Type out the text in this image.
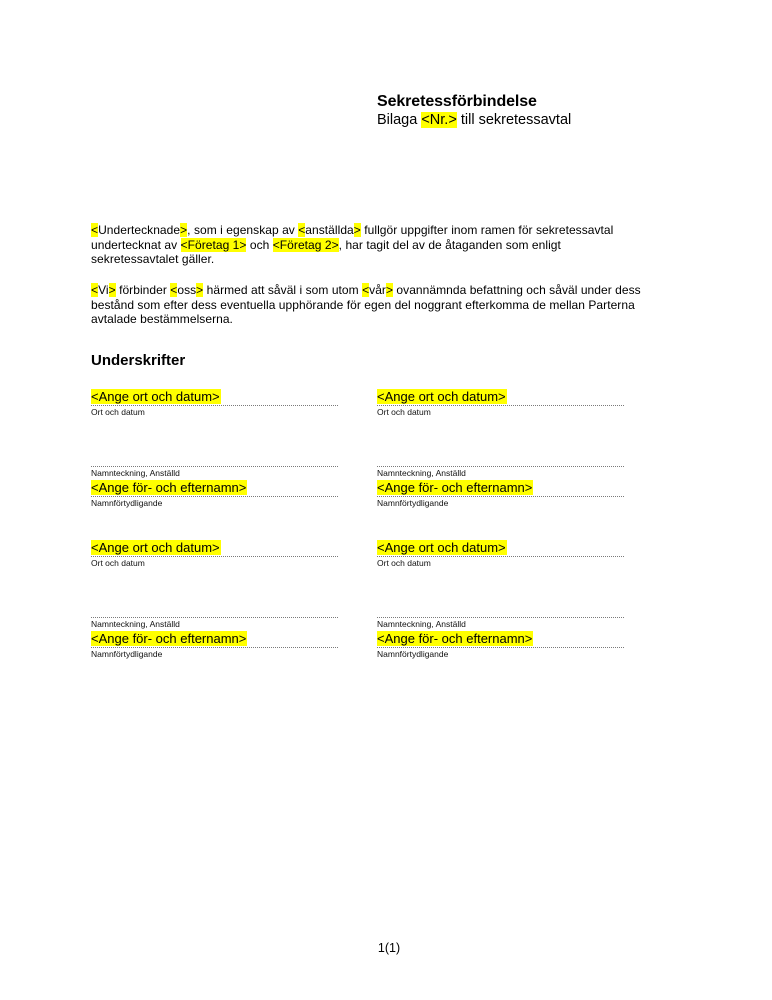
Sekretessförbindelse
Bilaga <Nr.> till sekretessavtal
<Undertecknade>, som i egenskap av <anställda> fullgör uppgifter inom ramen för sekretessavtal undertecknat av <Företag 1> och <Företag 2>, har tagit del av de åtaganden som enligt sekretessavtalet gäller.
<Vi> förbinder <oss> härmed att såväl i som utom <vår> ovannämnda befattning och såväl under dess bestånd som efter dess eventuella upphörande för egen del noggrant efterkomma de mellan Parterna avtalade bestämmelserna.
Underskrifter
<Ange ort och datum>
Ort och datum
Namnteckning, Anställd
<Ange för- och efternamn>
Namnförtydligande
<Ange ort och datum>
Ort och datum
Namnteckning, Anställd
<Ange för- och efternamn>
Namnförtydligande
<Ange ort och datum>
Ort och datum
Namnteckning, Anställd
<Ange för- och efternamn>
Namnförtydligande
<Ange ort och datum>
Ort och datum
Namnteckning, Anställd
<Ange för- och efternamn>
Namnförtydligande
1(1)
